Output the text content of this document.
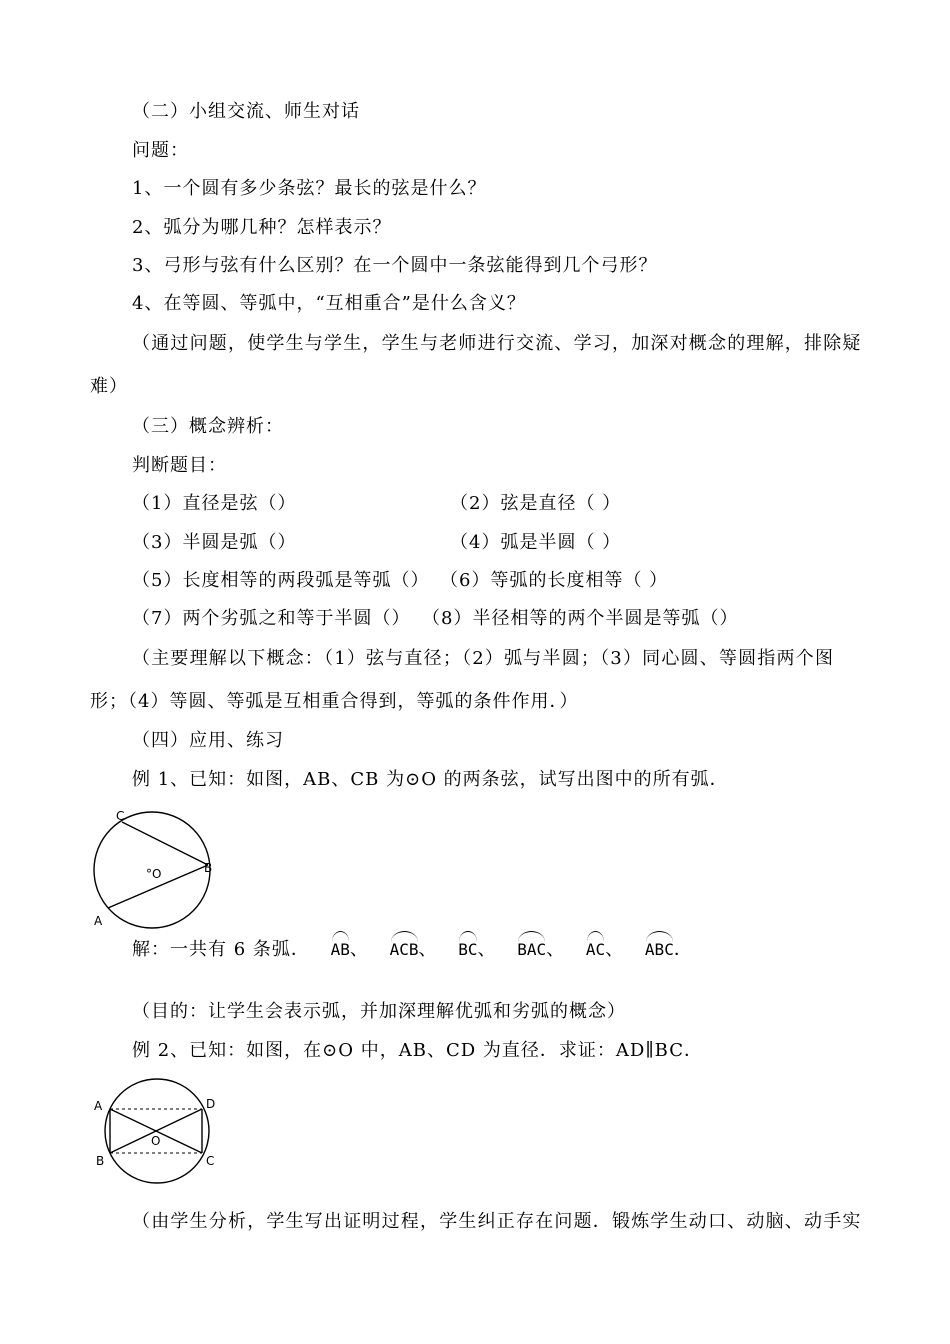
（二）小组交流、师生对话
问题：
1、一个圆有多少条弦？最长的弦是什么？
2、弧分为哪几种？怎样表示？
3、弓形与弦有什么区别？在一个圆中一条弦能得到几个弓形？
4、在等圆、等弧中，“互相重合”是什么含义？
（通过问题，使学生与学生，学生与老师进行交流、学习，加深对概念的理解，排除疑
难）
（三）概念辨析：
判断题目：
（1）直径是弦（）	（2）弦是直径（ ）
（3）半圆是弧（）	（4）弧是半圆（ ）
（5）长度相等的两段弧是等弧（） （6）等弧的长度相等（ ）
（7）两个劣弧之和等于半圆（） （8）半径相等的两个半圆是等弧（）
（主要理解以下概念：（1）弦与直径；（2）弧与半圆；（3）同心圆、等圆指两个图
形；（4）等圆、等弧是互相重合得到，等弧的条件作用．）
（四）应用、练习
例 1、已知：如图，AB、CB 为⊙O 的两条弦，试写出图中的所有弧．
C
B
A
°O
解：一共有 6 条弧． AB、 ACB、 BC、 BAC、 AC、 ABC．
（目的：让学生会表示弧，并加深理解优弧和劣弧的概念）
例 2、已知：如图，在⊙O 中，AB、CD 为直径．求证：AD∥BC．
A	D
B	C
O
（由学生分析，学生写出证明过程，学生纠正存在问题．锻炼学生动口、动脑、动手实
